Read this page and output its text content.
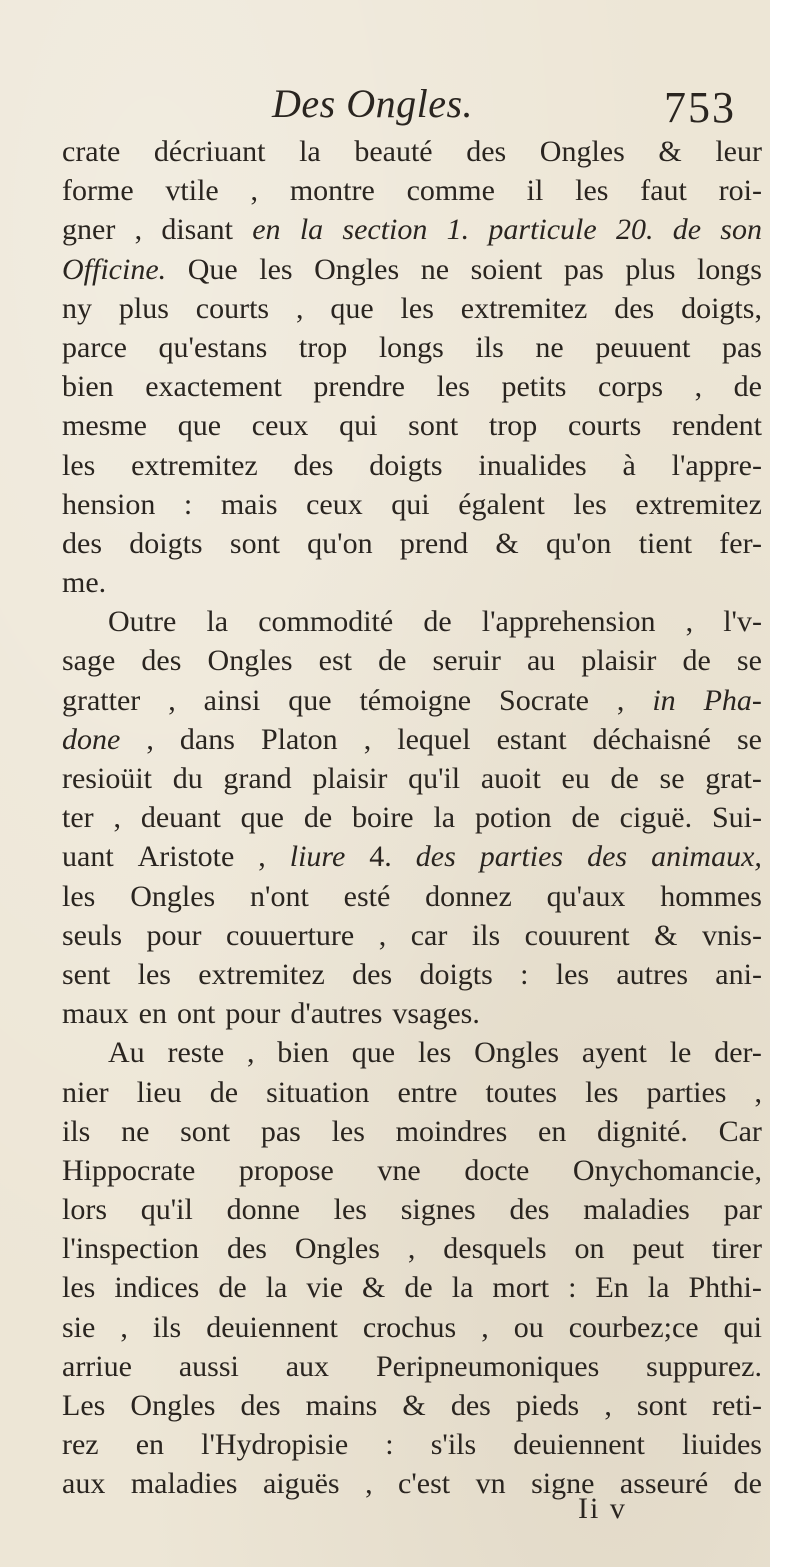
Des Ongles.	753
crate décriuant la beauté des Ongles & leur
forme vtile , montre comme il les faut roi-
gner , disant en la section 1. particule 20. de son
Officine. Que les Ongles ne soient pas plus longs
ny plus courts , que les extremitez des doigts,
parce qu'estans trop longs ils ne peuuent pas
bien exactement prendre les petits corps , de
mesme que ceux qui sont trop courts rendent
les extremitez des doigts inualides à l'appre-
hension : mais ceux qui égalent les extremitez
des doigts sont qu'on prend & qu'on tient fer-
me.
Outre la commodité de l'apprehension , l'v-
sage des Ongles est de seruir au plaisir de se
gratter , ainsi que témoigne Socrate , in Pha-
done , dans Platon , lequel estant déchaisné se
resioüit du grand plaisir qu'il auoit eu de se grat-
ter , deuant que de boire la potion de ciguë. Sui-
uant Aristote , liure 4. des parties des animaux,
les Ongles n'ont esté donnez qu'aux hommes
seuls pour couuerture , car ils couurent & vnis-
sent les extremitez des doigts : les autres ani-
maux en ont pour d'autres vsages.
Au reste , bien que les Ongles ayent le der-
nier lieu de situation entre toutes les parties ,
ils ne sont pas les moindres en dignité. Car
Hippocrate propose vne docte Onychomancie,
lors qu'il donne les signes des maladies par
l'inspection des Ongles , desquels on peut tirer
les indices de la vie & de la mort : En la Phthi-
sie , ils deuiennent crochus , ou courbez;ce qui
arriue aussi aux Peripneumoniques suppurez.
Les Ongles des mains & des pieds , sont reti-
rez en l'Hydropisie : s'ils deuiennent liuides
aux maladies aiguës , c'est vn signe asseuré de
Ii v
